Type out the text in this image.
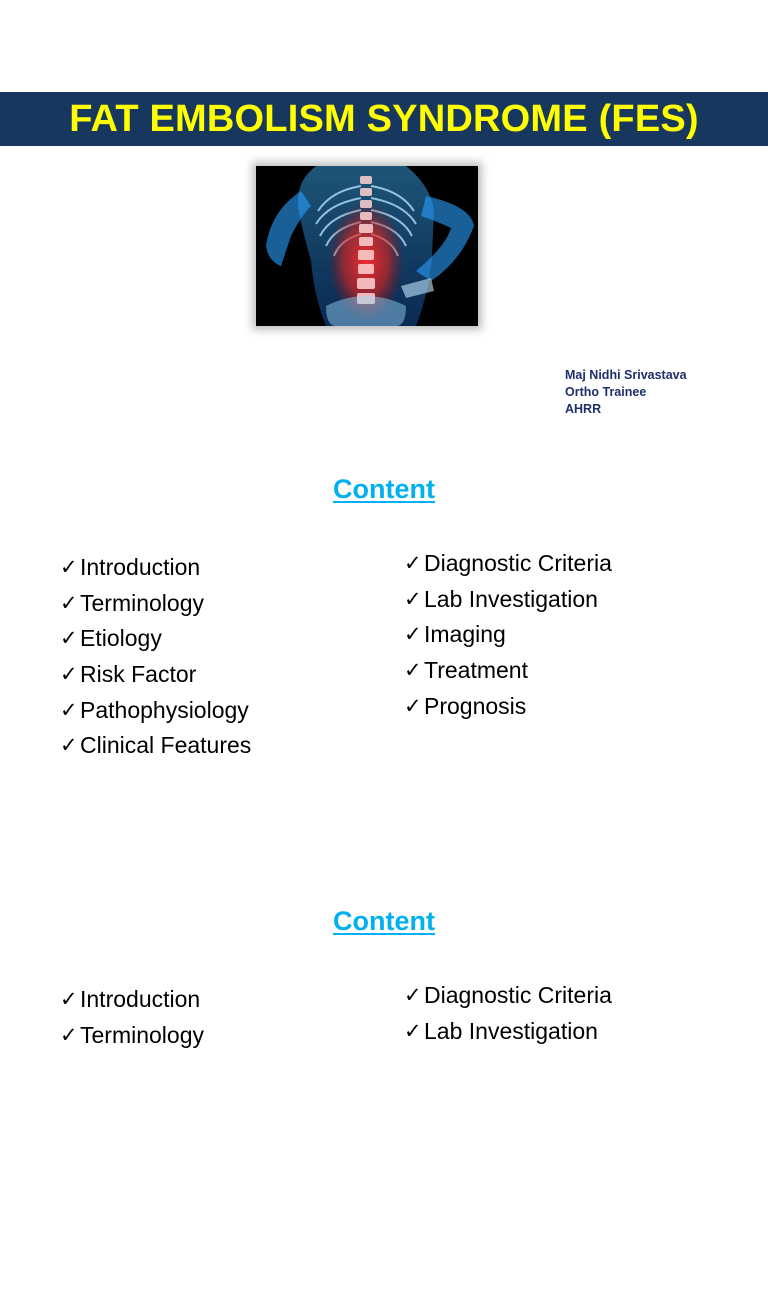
FAT EMBOLISM SYNDROME (FES)
Maj Nidhi Srivastava
Ortho Trainee
AHRR
Content
✓ Introduction
✓ Terminology
✓ Etiology
✓ Risk Factor
✓ Pathophysiology
✓ Clinical Features
✓ Diagnostic Criteria
✓ Lab Investigation
✓ Imaging
✓ Treatment
✓ Prognosis
Content
✓ Introduction
✓ Terminology
✓ Diagnostic Criteria
✓ Lab Investigation
